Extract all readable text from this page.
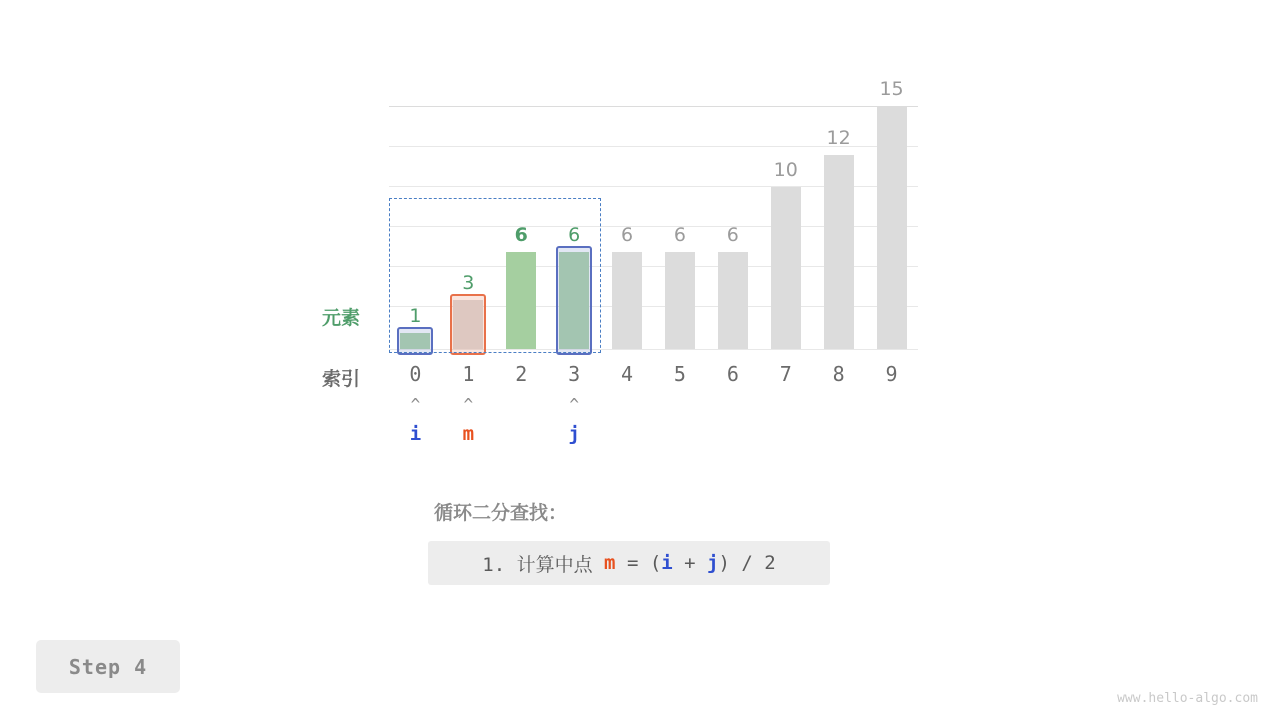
1
3
6 6 6 6 6
10
12
15
元素
索引	0	1	2	3	4	5	6	7	8	9
^
i
^
m
^
j
循环二分查找：
1. 计算中点 m = ( i + j ) / 2
Step 4
www.hello-algo.com
